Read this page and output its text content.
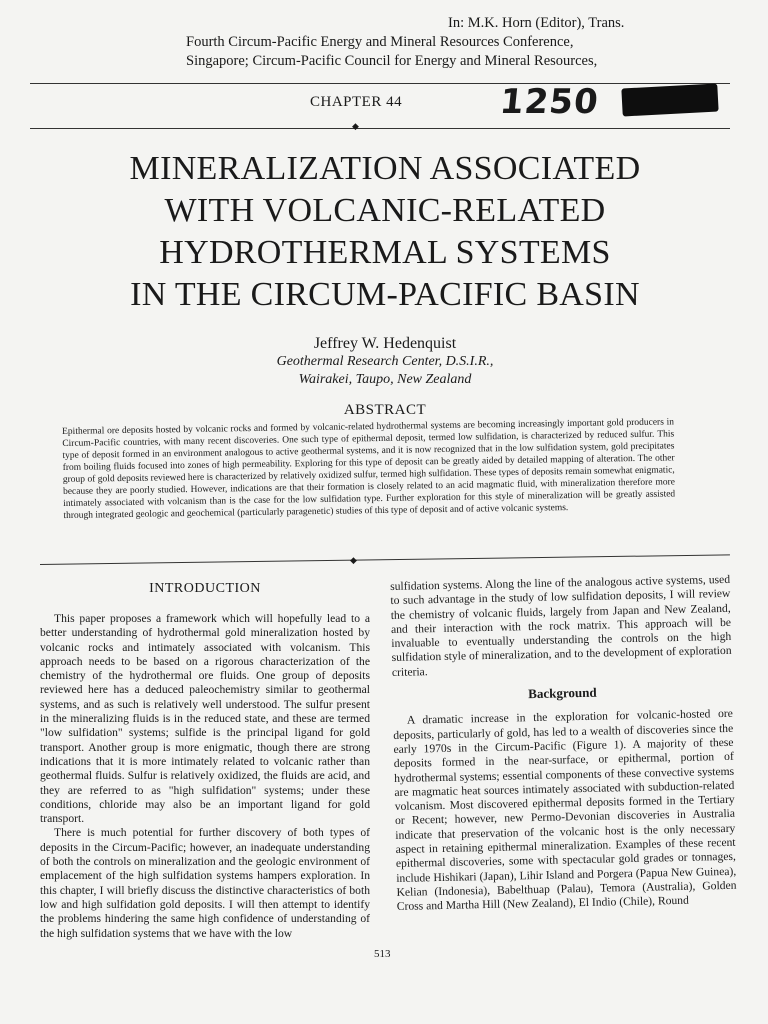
In: M.K. Horn (Editor), Trans.
Fourth Circum-Pacific Energy and Mineral Resources Conference,
Singapore; Circum-Pacific Council for Energy and Mineral Resources,
◆
CHAPTER 44	1250
MINERALIZATION ASSOCIATED
WITH VOLCANIC-RELATED
HYDROTHERMAL SYSTEMS
IN THE CIRCUM-PACIFIC BASIN
Jeffrey W. Hedenquist
Geothermal Research Center, D.S.I.R.,
Wairakei, Taupo, New Zealand
ABSTRACT
Epithermal ore deposits hosted by volcanic rocks and formed by volcanic-related hydrothermal systems are becoming increasingly important gold producers in Circum-Pacific countries, with many recent discoveries. One such type of epithermal deposit, termed low sulfidation, is characterized by reduced sulfur. This type of deposit formed in an environment analogous to active geothermal systems, and it is now recognized that in the low sulfidation system, gold precipitates from boiling fluids focused into zones of high permeability. Exploring for this type of deposit can be greatly aided by detailed mapping of alteration. The other group of gold deposits reviewed here is characterized by relatively oxidized sulfur, termed high sulfidation. These types of deposits remain somewhat enigmatic, because they are poorly studied. However, indications are that their formation is closely related to an acid magmatic fluid, with mineralization therefore more intimately associated with volcanism than is the case for the low sulfidation type. Further exploration for this style of mineralization will be greatly assisted through integrated geologic and geochemical (particularly paragenetic) studies of this type of deposit and of active volcanic systems.
◆
INTRODUCTION

This paper proposes a framework which will hopefully lead to a better understanding of hydrothermal gold mineralization hosted by volcanic rocks and intimately associated with volcanism. This approach needs to be based on a rigorous characterization of the chemistry of the hydrothermal ore fluids. One group of deposits reviewed here has a deduced paleochemistry similar to geothermal systems, and as such is relatively well understood. The sulfur present in the mineralizing fluids is in the reduced state, and these are termed "low sulfidation" systems; sulfide is the principal ligand for gold transport. Another group is more enigmatic, though there are strong indications that it is more intimately related to volcanic rather than geothermal fluids. Sulfur is relatively oxidized, the fluids are acid, and they are referred to as "high sulfidation" systems; under these conditions, chloride may also be an important ligand for gold transport.

There is much potential for further discovery of both types of deposits in the Circum-Pacific; however, an inadequate understanding of both the controls on mineralization and the geologic environment of emplacement of the high sulfidation systems hampers exploration. In this chapter, I will briefly discuss the distinctive characteristics of both low and high sulfidation gold deposits. I will then attempt to identify the problems hindering the same high confidence of understanding of the high sulfidation systems that we have with the low

sulfidation systems. Along the line of the analogous active systems, used to such advantage in the study of low sulfidation deposits, I will review the chemistry of volcanic fluids, largely from Japan and New Zealand, and their interaction with the rock matrix. This approach will be invaluable to eventually understanding the controls on the high sulfidation style of mineralization, and to the development of exploration criteria.

Background

A dramatic increase in the exploration for volcanic-hosted ore deposits, particularly of gold, has led to a wealth of discoveries since the early 1970s in the Circum-Pacific (Figure 1). A majority of these deposits formed in the near-surface, or epithermal, portion of hydrothermal systems; essential components of these convective systems are magmatic heat sources intimately associated with subduction-related volcanism. Most discovered epithermal deposits formed in the Tertiary or Recent; however, new Permo-Devonian discoveries in Australia indicate that preservation of the volcanic host is the only necessary aspect in retaining epithermal mineralization. Examples of these recent epithermal discoveries, some with spectacular gold grades or tonnages, include Hishikari (Japan), Lihir Island and Porgera (Papua New Guinea), Kelian (Indonesia), Babelthuap (Palau), Temora (Australia), Golden Cross and Martha Hill (New Zealand), El Indio (Chile), Round

513
